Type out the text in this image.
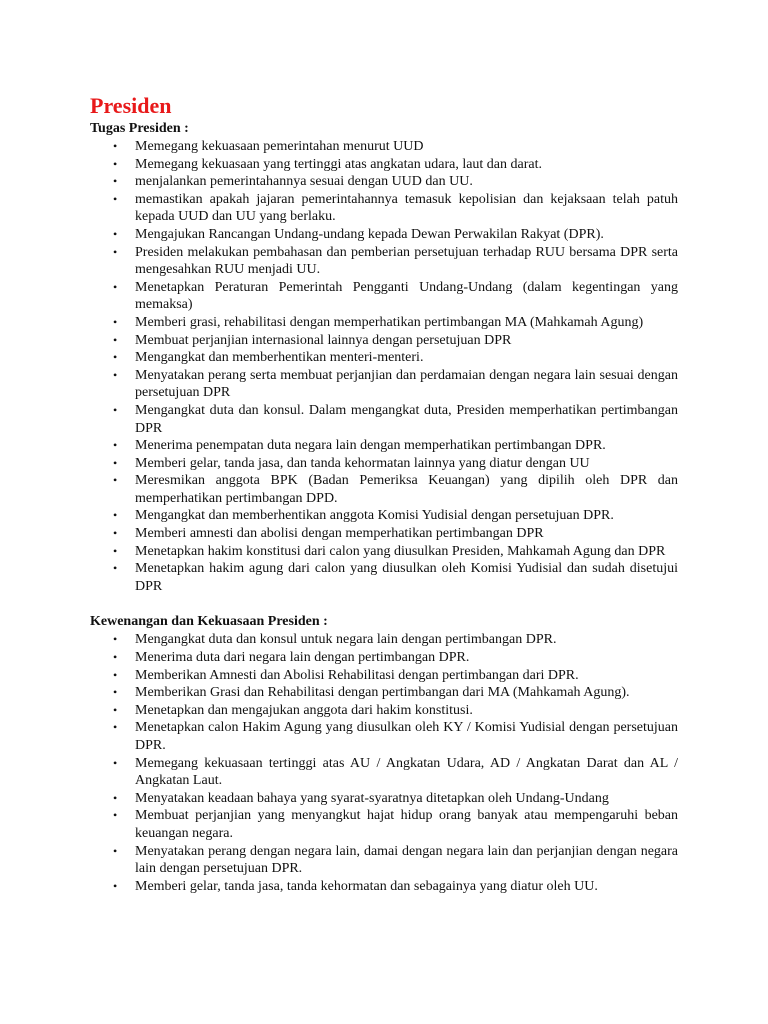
Presiden

Tugas Presiden :

• Memegang kekuasaan pemerintahan menurut UUD
• Memegang kekuasaan yang tertinggi atas angkatan udara, laut dan darat.
• menjalankan pemerintahannya sesuai dengan UUD dan UU.
• memastikan apakah jajaran pemerintahannya temasuk kepolisian dan kejaksaan telah patuh kepada UUD dan UU yang berlaku.
• Mengajukan Rancangan Undang-undang kepada Dewan Perwakilan Rakyat (DPR).
• Presiden melakukan pembahasan dan pemberian persetujuan terhadap RUU bersama DPR serta mengesahkan RUU menjadi UU.
• Menetapkan Peraturan Pemerintah Pengganti Undang-Undang (dalam kegentingan yang memaksa)
• Memberi grasi, rehabilitasi dengan memperhatikan pertimbangan MA (Mahkamah Agung)
• Membuat perjanjian internasional lainnya dengan persetujuan DPR
• Mengangkat dan memberhentikan menteri-menteri.
• Menyatakan perang serta membuat perjanjian dan perdamaian dengan negara lain sesuai dengan persetujuan DPR
• Mengangkat duta dan konsul. Dalam mengangkat duta, Presiden memperhatikan pertimbangan DPR
• Menerima penempatan duta negara lain dengan memperhatikan pertimbangan DPR.
• Memberi gelar, tanda jasa, dan tanda kehormatan lainnya yang diatur dengan UU
• Meresmikan anggota BPK (Badan Pemeriksa Keuangan) yang dipilih oleh DPR dan memperhatikan pertimbangan DPD.
• Mengangkat dan memberhentikan anggota Komisi Yudisial dengan persetujuan DPR.
• Memberi amnesti dan abolisi dengan memperhatikan pertimbangan DPR
• Menetapkan hakim konstitusi dari calon yang diusulkan Presiden, Mahkamah Agung dan DPR
• Menetapkan hakim agung dari calon yang diusulkan oleh Komisi Yudisial dan sudah disetujui DPR

Kewenangan dan Kekuasaan Presiden :

• Mengangkat duta dan konsul untuk negara lain dengan pertimbangan DPR.
• Menerima duta dari negara lain dengan pertimbangan DPR.
• Memberikan Amnesti dan Abolisi Rehabilitasi dengan pertimbangan dari DPR.
• Memberikan Grasi dan Rehabilitasi dengan pertimbangan dari MA (Mahkamah Agung).
• Menetapkan dan mengajukan anggota dari hakim konstitusi.
• Menetapkan calon Hakim Agung yang diusulkan oleh KY / Komisi Yudisial dengan persetujuan DPR.
• Memegang kekuasaan tertinggi atas AU / Angkatan Udara, AD / Angkatan Darat dan AL / Angkatan Laut.
• Menyatakan keadaan bahaya yang syarat-syaratnya ditetapkan oleh Undang-Undang
• Membuat perjanjian yang menyangkut hajat hidup orang banyak atau mempengaruhi beban keuangan negara.
• Menyatakan perang dengan negara lain, damai dengan negara lain dan perjanjian dengan negara lain dengan persetujuan DPR.
• Memberi gelar, tanda jasa, tanda kehormatan dan sebagainya yang diatur oleh UU.
